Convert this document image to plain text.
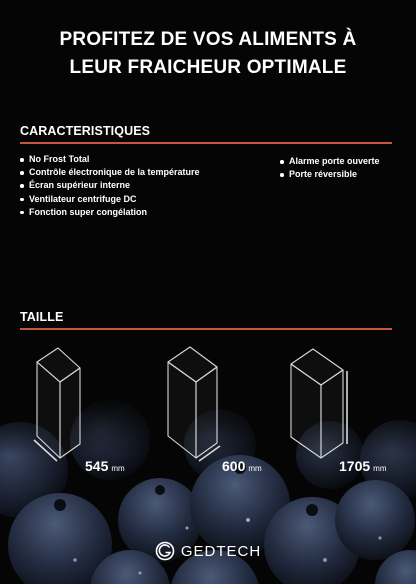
PROFITEZ DE VOS ALIMENTS À
LEUR FRAICHEUR OPTIMALE
CARACTERISTIQUES
No Frost Total
Contrôle électronique de la température
Écran supérieur interne
Ventilateur centrifuge DC
Fonction super congélation
Alarme porte ouverte
Porte réversible
TAILLE
545 mm	600 mm	1705 mm
GEDTECH
